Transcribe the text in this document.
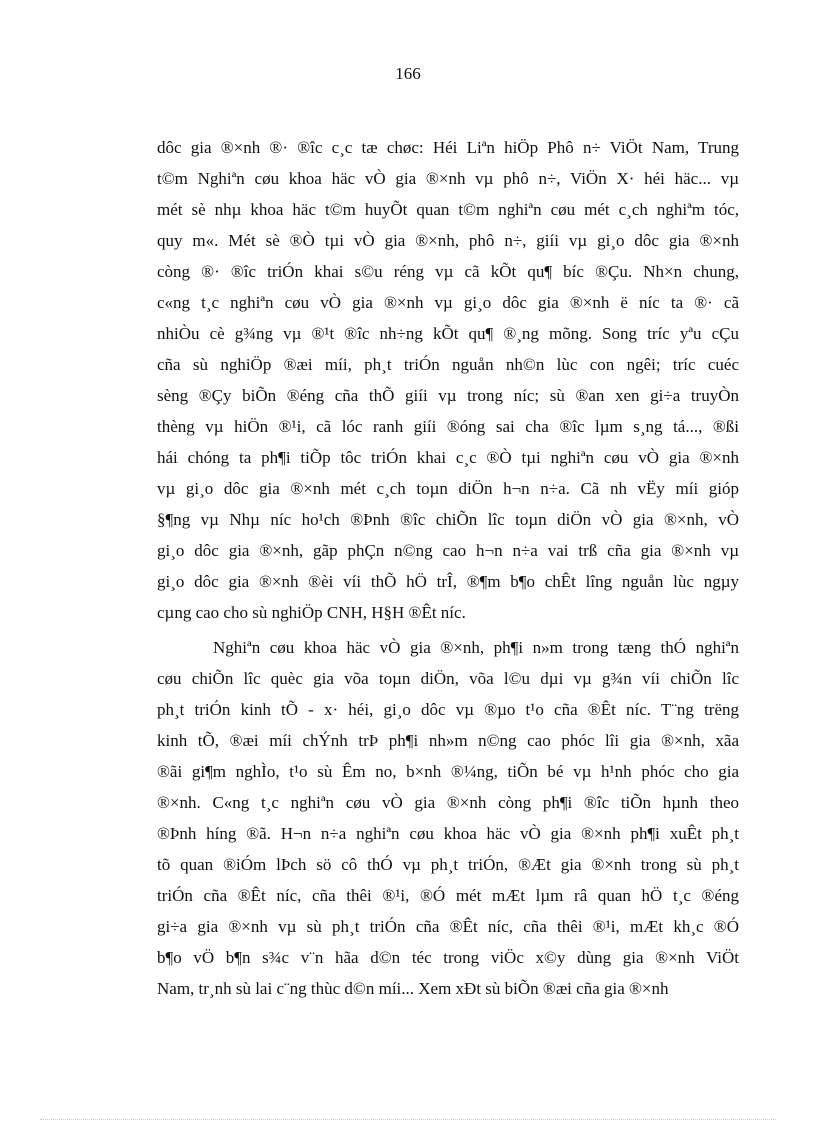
166
dôc gia ®×nh ®· ®îc c¸c tæ chøc: Héi Liªn hiÖp Phô n÷ ViÖt Nam, Trung
t©m Nghiªn cøu khoa häc vÒ gia ®×nh vµ phô n÷, ViÖn X· héi häc... vµ
mét sè nhµ khoa häc t©m huyÕt quan t©m nghiªn cøu mét c¸ch nghiªm tóc,
quy m«. Mét sè ®Ò tµi vÒ gia ®×nh, phô n÷, giíi vµ gi¸o dôc gia ®×nh
còng ®· ®îc triÓn khai s©u réng vµ cã kÕt qu¶ bíc ®Çu. Nh×n chung,
c«ng t¸c nghiªn cøu vÒ gia ®×nh vµ gi¸o dôc gia ®×nh ë níc ta ®· cã
nhiÒu cè g¾ng vµ ®¹t ®îc nh÷ng kÕt qu¶ ®¸ng mõng. Song tríc yªu cÇu
cña sù nghiÖp ®æi míi, ph¸t triÓn nguån nh©n lùc con ngêi; tríc cuéc
sèng ®Çy biÕn ®éng cña thÕ giíi vµ trong níc; sù ®an xen gi÷a truyÒn
thèng vµ hiÖn ®¹i, cã lóc ranh giíi ®óng sai cha ®îc lµm s¸ng tá..., ®ßi
hái chóng ta ph¶i tiÕp tôc triÓn khai c¸c ®Ò tµi nghiªn cøu vÒ gia ®×nh
vµ gi¸o dôc gia ®×nh mét c¸ch toµn diÖn h¬n n÷a. Cã nh vËy míi gióp
§¶ng vµ Nhµ níc ho¹ch ®Þnh ®îc chiÕn lîc toµn diÖn vÒ gia ®×nh, vÒ
gi¸o dôc gia ®×nh, gãp phÇn n©ng cao h¬n n÷a vai trß cña gia ®×nh vµ
gi¸o dôc gia ®×nh ®èi víi thÕ hÖ trÎ, ®¶m b¶o chÊt lîng nguån lùc ngµy
cµng cao cho sù nghiÖp CNH, H§H ®Êt níc.
Nghiªn cøu khoa häc vÒ gia ®×nh, ph¶i n»m trong tæng thÓ nghiªn
cøu chiÕn lîc quèc gia võa toµn diÖn, võa l©u dµi vµ g¾n víi chiÕn lîc
ph¸t triÓn kinh tÕ - x· héi, gi¸o dôc vµ ®µo t¹o cña ®Êt níc. T¨ng trëng
kinh tÕ, ®æi míi chÝnh trÞ ph¶i nh»m n©ng cao phóc lîi gia ®×nh, xãa
®ãi gi¶m nghÌo, t¹o sù Êm no, b×nh ®¼ng, tiÕn bé vµ h¹nh phóc cho gia
®×nh. C«ng t¸c nghiªn cøu vÒ gia ®×nh còng ph¶i ®îc tiÕn hµnh theo
®Þnh híng ®ã. H¬n n÷a nghiªn cøu khoa häc vÒ gia ®×nh ph¶i xuÊt ph¸t
tõ quan ®iÓm lÞch sö cô thÓ vµ ph¸t triÓn, ®Æt gia ®×nh trong sù ph¸t
triÓn cña ®Êt níc, cña thêi ®¹i, ®Ó mét mÆt lµm râ quan hÖ t¸c ®éng
gi÷a gia ®×nh vµ sù ph¸t triÓn cña ®Êt níc, cña thêi ®¹i, mÆt kh¸c ®Ó
b¶o vÖ b¶n s¾c v¨n hãa d©n téc trong viÖc x©y dùng gia ®×nh ViÖt
Nam, tr¸nh sù lai c¨ng thùc d©n míi... Xem xÐt sù biÕn ®æi cña gia ®×nh
